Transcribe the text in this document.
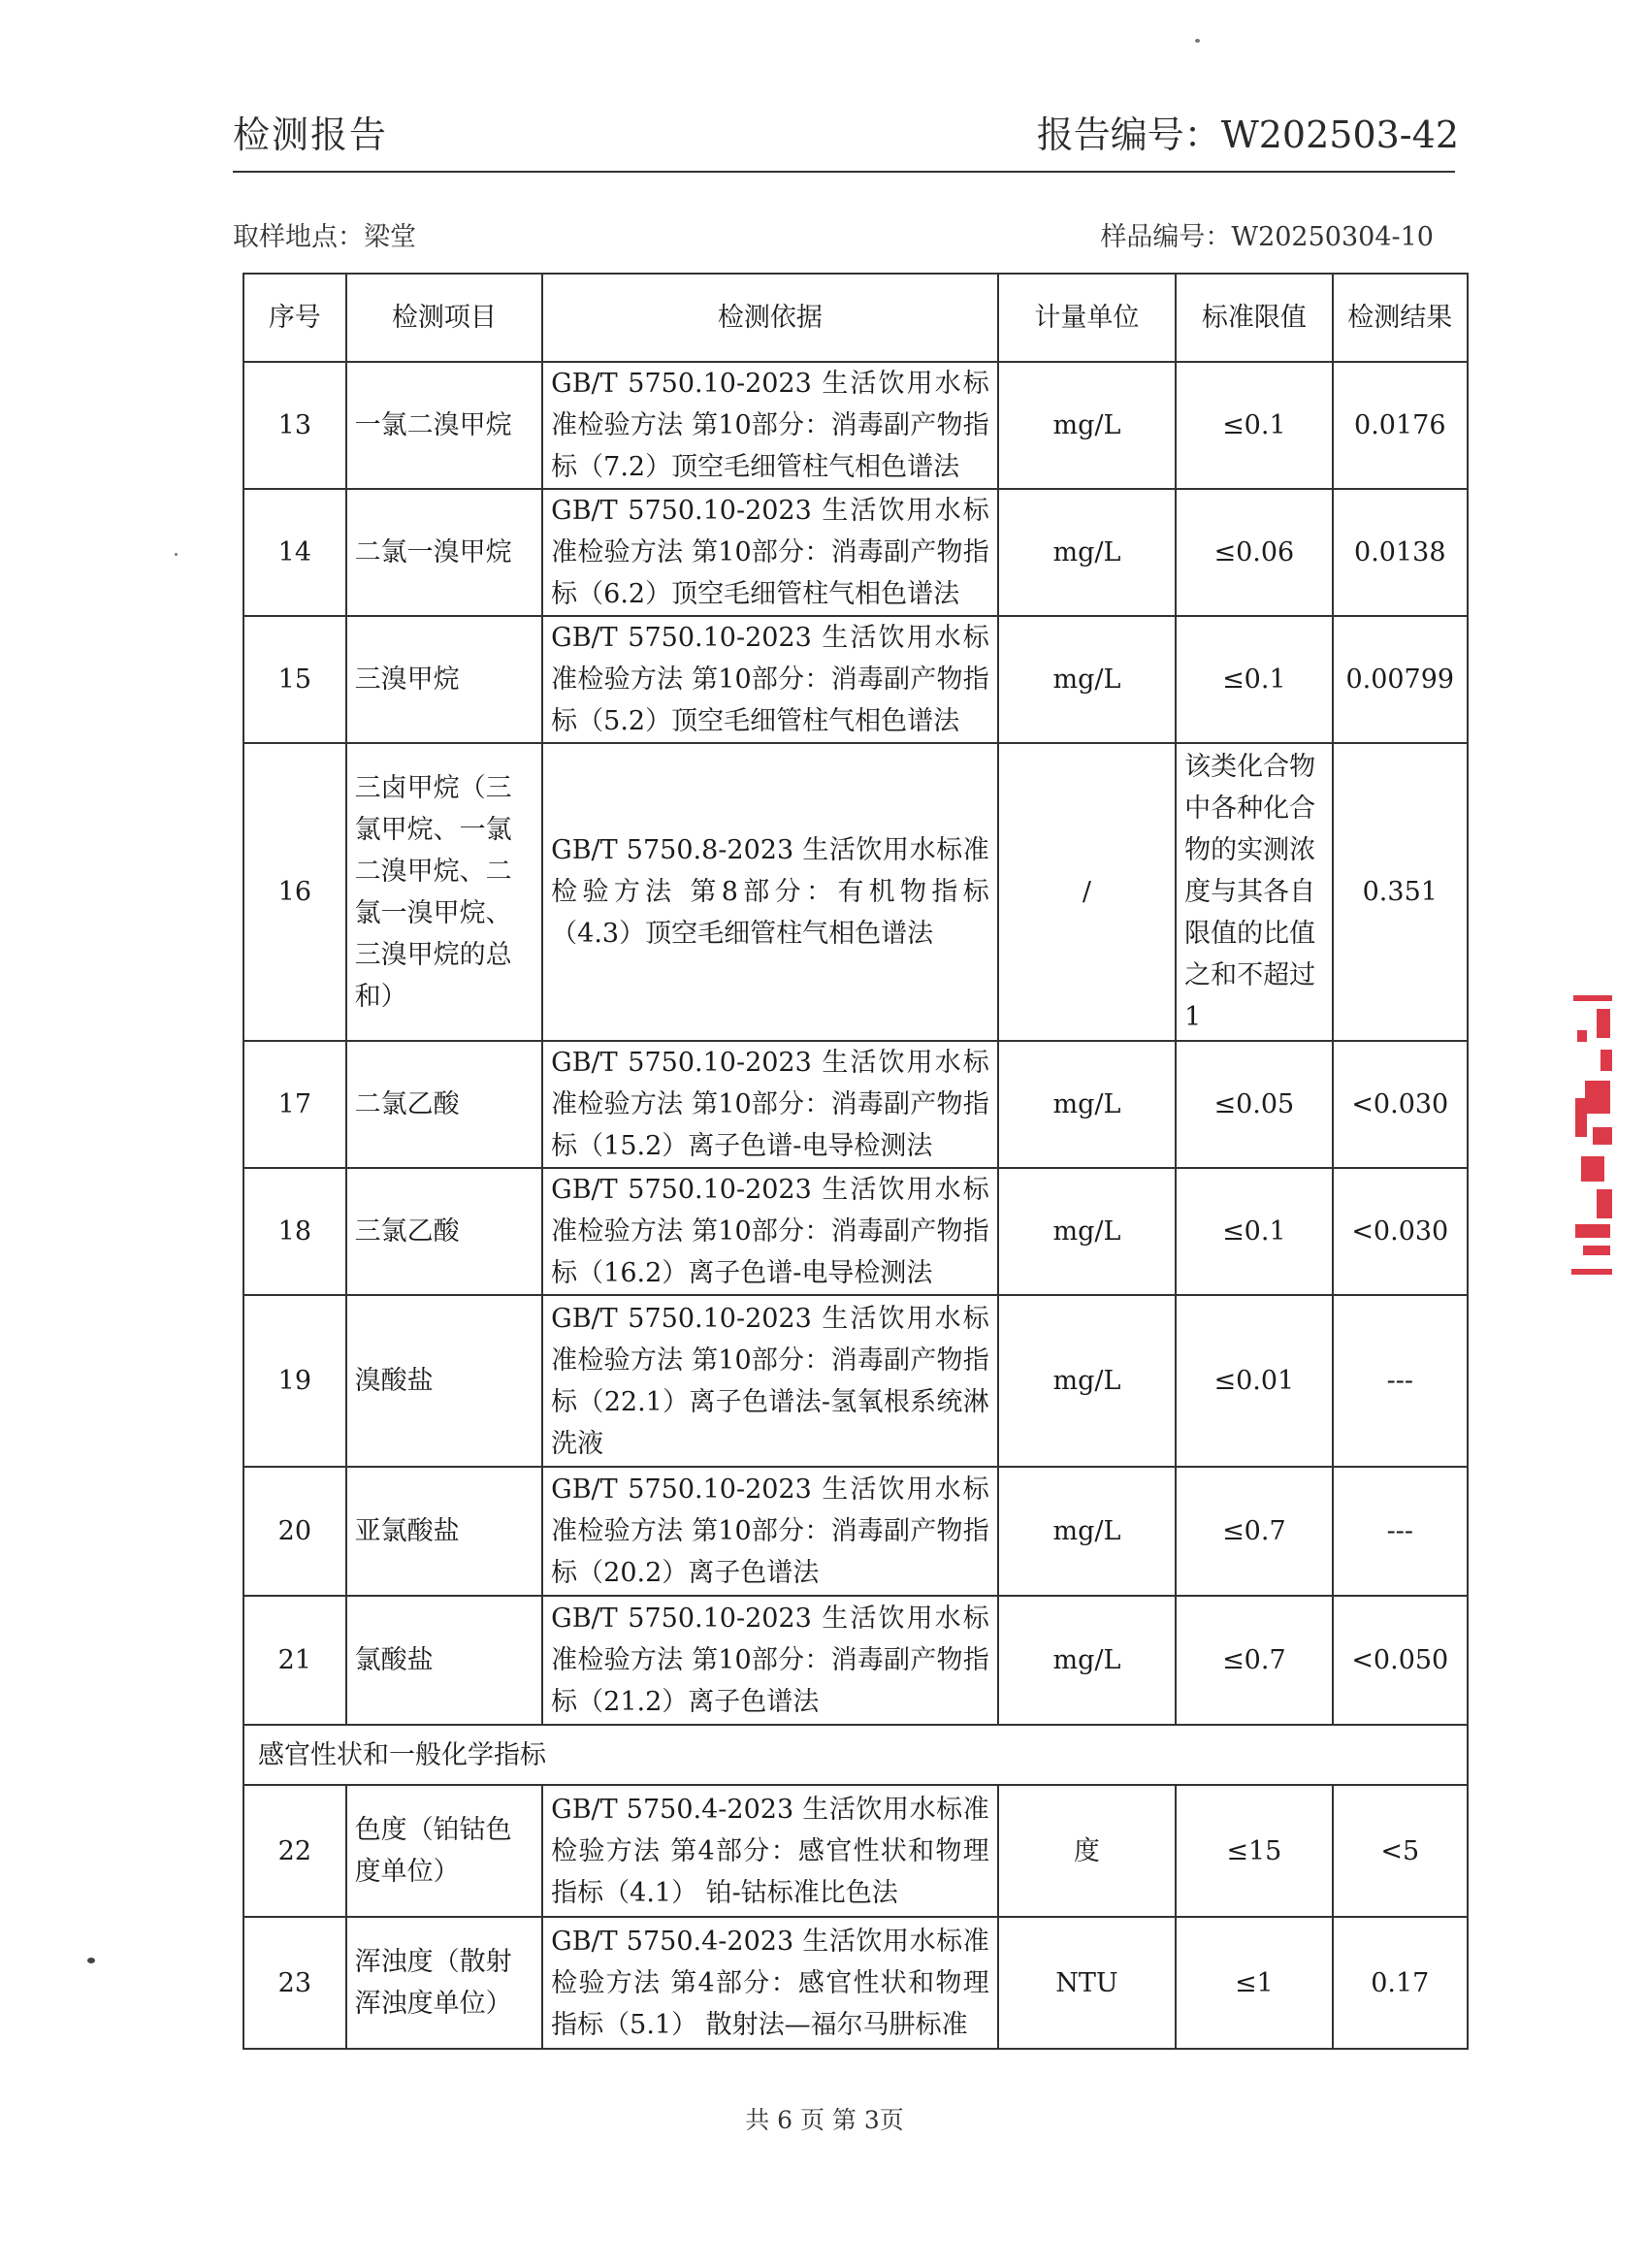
检测报告	报告编号：W202503-42
取样地点：梁堂	样品编号：W20250304-10
序号	检测项目	检测依据	计量单位	标准限值	检测结果
13	一氯二溴甲烷	GB/T 5750.10-2023 生活饮用水标准检验方法 第10部分：消毒副产物指标（7.2）顶空毛细管柱气相色谱法	mg/L	≤0.1	0.0176
14	二氯一溴甲烷	GB/T 5750.10-2023 生活饮用水标准检验方法 第10部分：消毒副产物指标（6.2）顶空毛细管柱气相色谱法	mg/L	≤0.06	0.0138
15	三溴甲烷	GB/T 5750.10-2023 生活饮用水标准检验方法 第10部分：消毒副产物指标（5.2）顶空毛细管柱气相色谱法	mg/L	≤0.1	0.00799
16	三卤甲烷（三氯甲烷、一氯二溴甲烷、二氯一溴甲烷、三溴甲烷的总和）	GB/T 5750.8-2023 生活饮用水标准检验方法 第8部分：有机物指标（4.3）顶空毛细管柱气相色谱法	/	该类化合物中各种化合物的实测浓度与其各自限值的比值之和不超过1	0.351
17	二氯乙酸	GB/T 5750.10-2023 生活饮用水标准检验方法 第10部分：消毒副产物指标（15.2）离子色谱-电导检测法	mg/L	≤0.05	<0.030
18	三氯乙酸	GB/T 5750.10-2023 生活饮用水标准检验方法 第10部分：消毒副产物指标（16.2）离子色谱-电导检测法	mg/L	≤0.1	<0.030
19	溴酸盐	GB/T 5750.10-2023 生活饮用水标准检验方法 第10部分：消毒副产物指标（22.1）离子色谱法-氢氧根系统淋洗液	mg/L	≤0.01	---
20	亚氯酸盐	GB/T 5750.10-2023 生活饮用水标准检验方法 第10部分：消毒副产物指标（20.2）离子色谱法	mg/L	≤0.7	---
21	氯酸盐	GB/T 5750.10-2023 生活饮用水标准检验方法 第10部分：消毒副产物指标（21.2）离子色谱法	mg/L	≤0.7	<0.050
感官性状和一般化学指标					
22	色度（铂钴色度单位）	GB/T 5750.4-2023 生活饮用水标准检验方法 第4部分：感官性状和物理指标（4.1） 铂-钴标准比色法	度	≤15	<5
23	浑浊度（散射浑浊度单位）	GB/T 5750.4-2023 生活饮用水标准检验方法 第4部分：感官性状和物理指标（5.1） 散射法—福尔马肼标准	NTU	≤1	0.17
共 6 页 第 3页
